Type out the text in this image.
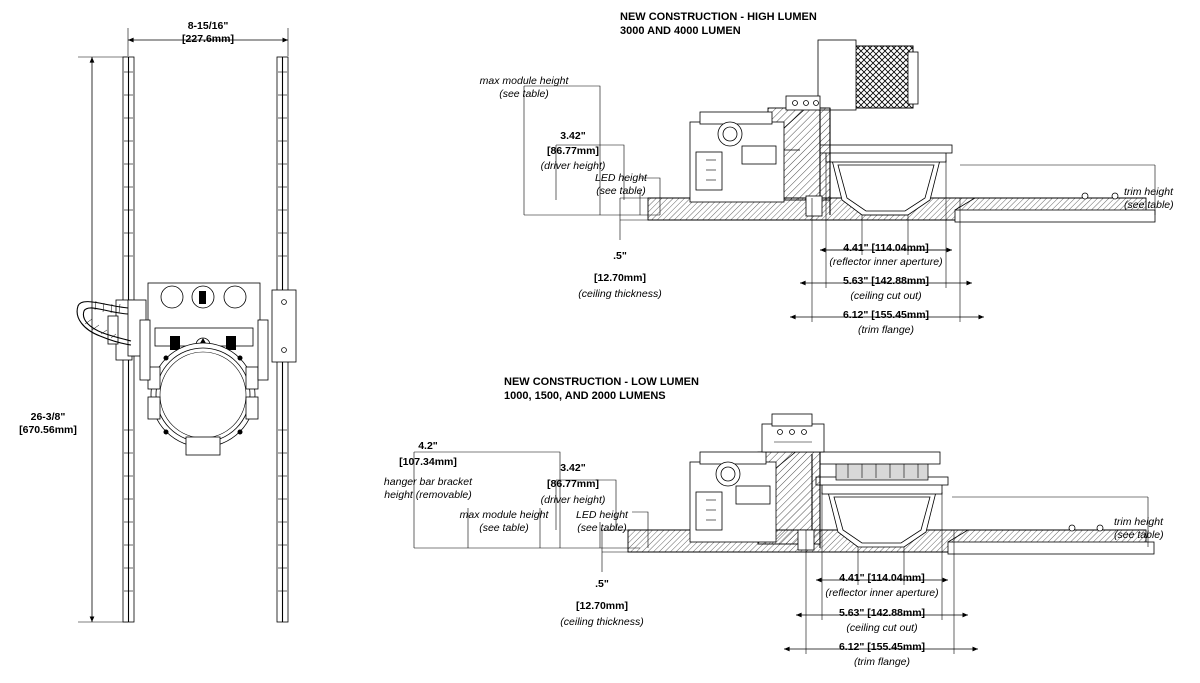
8-15/16"
[227.6mm]
26-3/8"
[670.56mm]
NEW CONSTRUCTION - HIGH LUMEN
3000 AND 4000 LUMEN
max module height
(see table)
3.42"
[86.77mm]
(driver height)
LED height
(see table)
.5"
[12.70mm]
(ceiling thickness)
trim height
(see table)
4.41" [114.04mm]
(reflector inner aperture)
5.63" [142.88mm]
(ceiling cut out)
6.12" [155.45mm]
(trim flange)
NEW CONSTRUCTION - LOW LUMEN
1000, 1500, AND 2000 LUMENS
4.2"
[107.34mm]
hanger bar bracket
height (removable)
max module height
(see table)
3.42"
[86.77mm]
(driver height)
LED height
(see table)
.5"
[12.70mm]
(ceiling thickness)
trim height
(see table)
4.41" [114.04mm]
(reflector inner aperture)
5.63" [142.88mm]
(ceiling cut out)
6.12" [155.45mm]
(trim flange)
